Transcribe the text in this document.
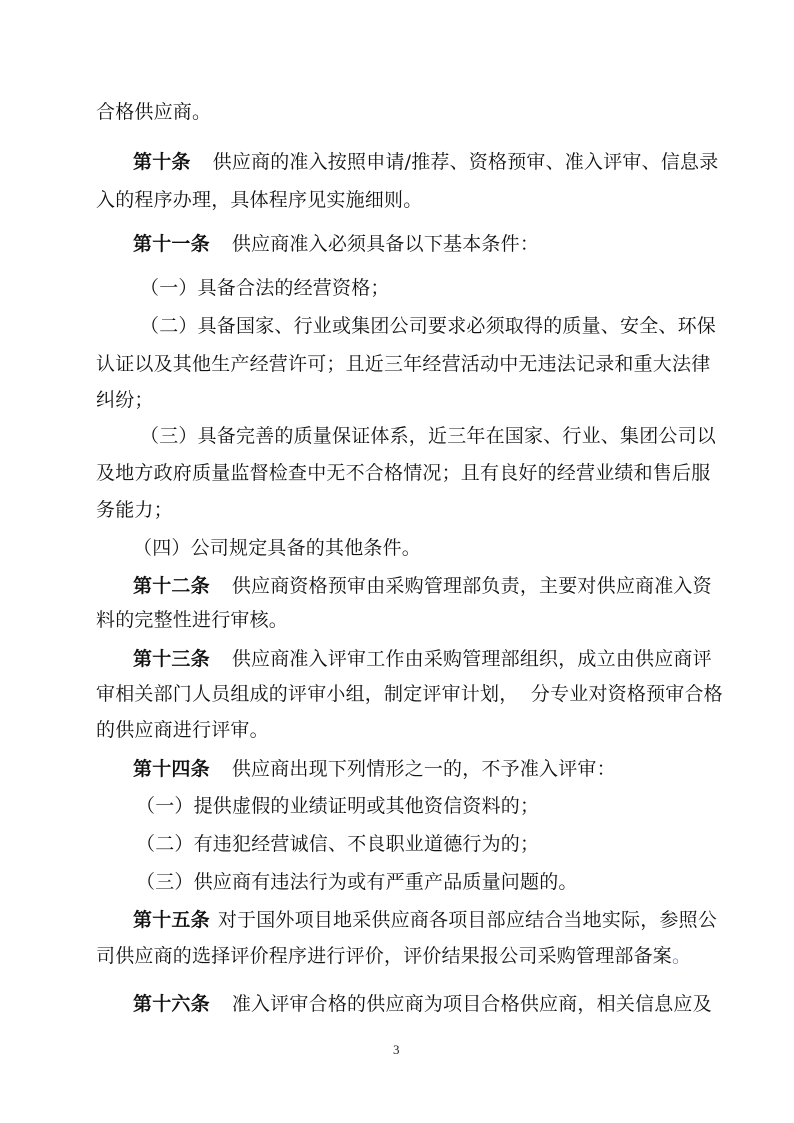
合格供应商。
第十条 供应商的准入按照申请/推荐、资格预审、准入评审、信息录
入的程序办理，具体程序见实施细则。
第十一条 供应商准入必须具备以下基本条件：
（一）具备合法的经营资格；
（二）具备国家、行业或集团公司要求必须取得的质量、安全、环保
认证以及其他生产经营许可；且近三年经营活动中无违法记录和重大法律
纠纷；
（三）具备完善的质量保证体系，近三年在国家、行业、集团公司以
及地方政府质量监督检查中无不合格情况；且有良好的经营业绩和售后服
务能力；
（四）公司规定具备的其他条件。
第十二条 供应商资格预审由采购管理部负责，主要对供应商准入资
料的完整性进行审核。
第十三条 供应商准入评审工作由采购管理部组织，成立由供应商评
审相关部门人员组成的评审小组，制定评审计划，  分专业对资格预审合格
的供应商进行评审。
第十四条 供应商出现下列情形之一的，不予准入评审：
（一）提供虚假的业绩证明或其他资信资料的；
（二）有违犯经营诚信、不良职业道德行为的；
（三）供应商有违法行为或有严重产品质量问题的。
第十五条 对于国外项目地采供应商各项目部应结合当地实际，参照公
司供应商的选择评价程序进行评价，评价结果报公司采购管理部备案。
第十六条 准入评审合格的供应商为项目合格供应商，相关信息应及
3
